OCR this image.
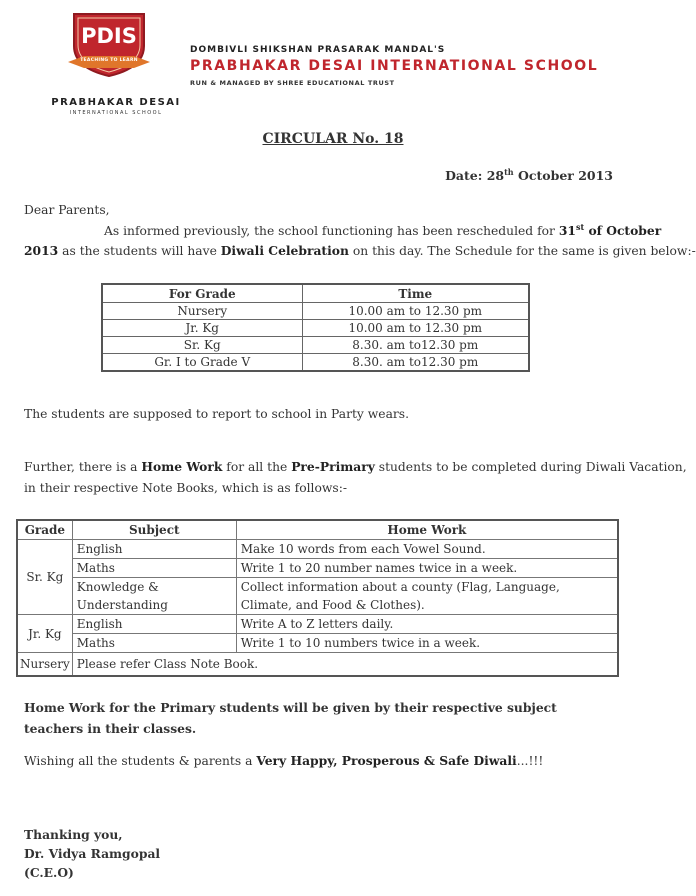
PDIS
TEACHING TO LEARN
PRABHAKAR DESAI
INTERNATIONAL SCHOOL
DOMBIVLI SHIKSHAN PRASARAK MANDAL'S
PRABHAKAR DESAI INTERNATIONAL SCHOOL
RUN & MANAGED BY SHREE EDUCATIONAL TRUST
CIRCULAR No. 18
Date: 28th October 2013
Dear Parents,
As informed previously, the school functioning has been rescheduled for 31st of October
2013 as the students will have Diwali Celebration on this day. The Schedule for the same is given below:-
For Grade	Time
Nursery	10.00 am to 12.30 pm
Jr. Kg	10.00 am to 12.30 pm
Sr. Kg	8.30. am to12.30 pm
Gr. I to Grade V	8.30. am to12.30 pm
The students are supposed to report to school in Party wears.
Further, there is a Home Work for all the Pre-Primary students to be completed during Diwali Vacation,
in their respective Note Books, which is as follows:-
Grade	Subject	Home Work
Sr. Kg	English	Make 10 words from each Vowel Sound.
	Maths	Write 1 to 20 number names twice in a week.
	Knowledge & Understanding	Collect information about a county (Flag, Language, Climate, and Food & Clothes).
Jr. Kg	English	Write A to Z letters daily.
	Maths	Write 1 to 10 numbers twice in a week.
Nursery	Please refer Class Note Book.	
Home Work for the Primary students will be given by their respective subject teachers in their classes.
Wishing all the students & parents a Very Happy, Prosperous & Safe Diwali...!!!
Thanking you,
Dr. Vidya Ramgopal
(C.E.O)
